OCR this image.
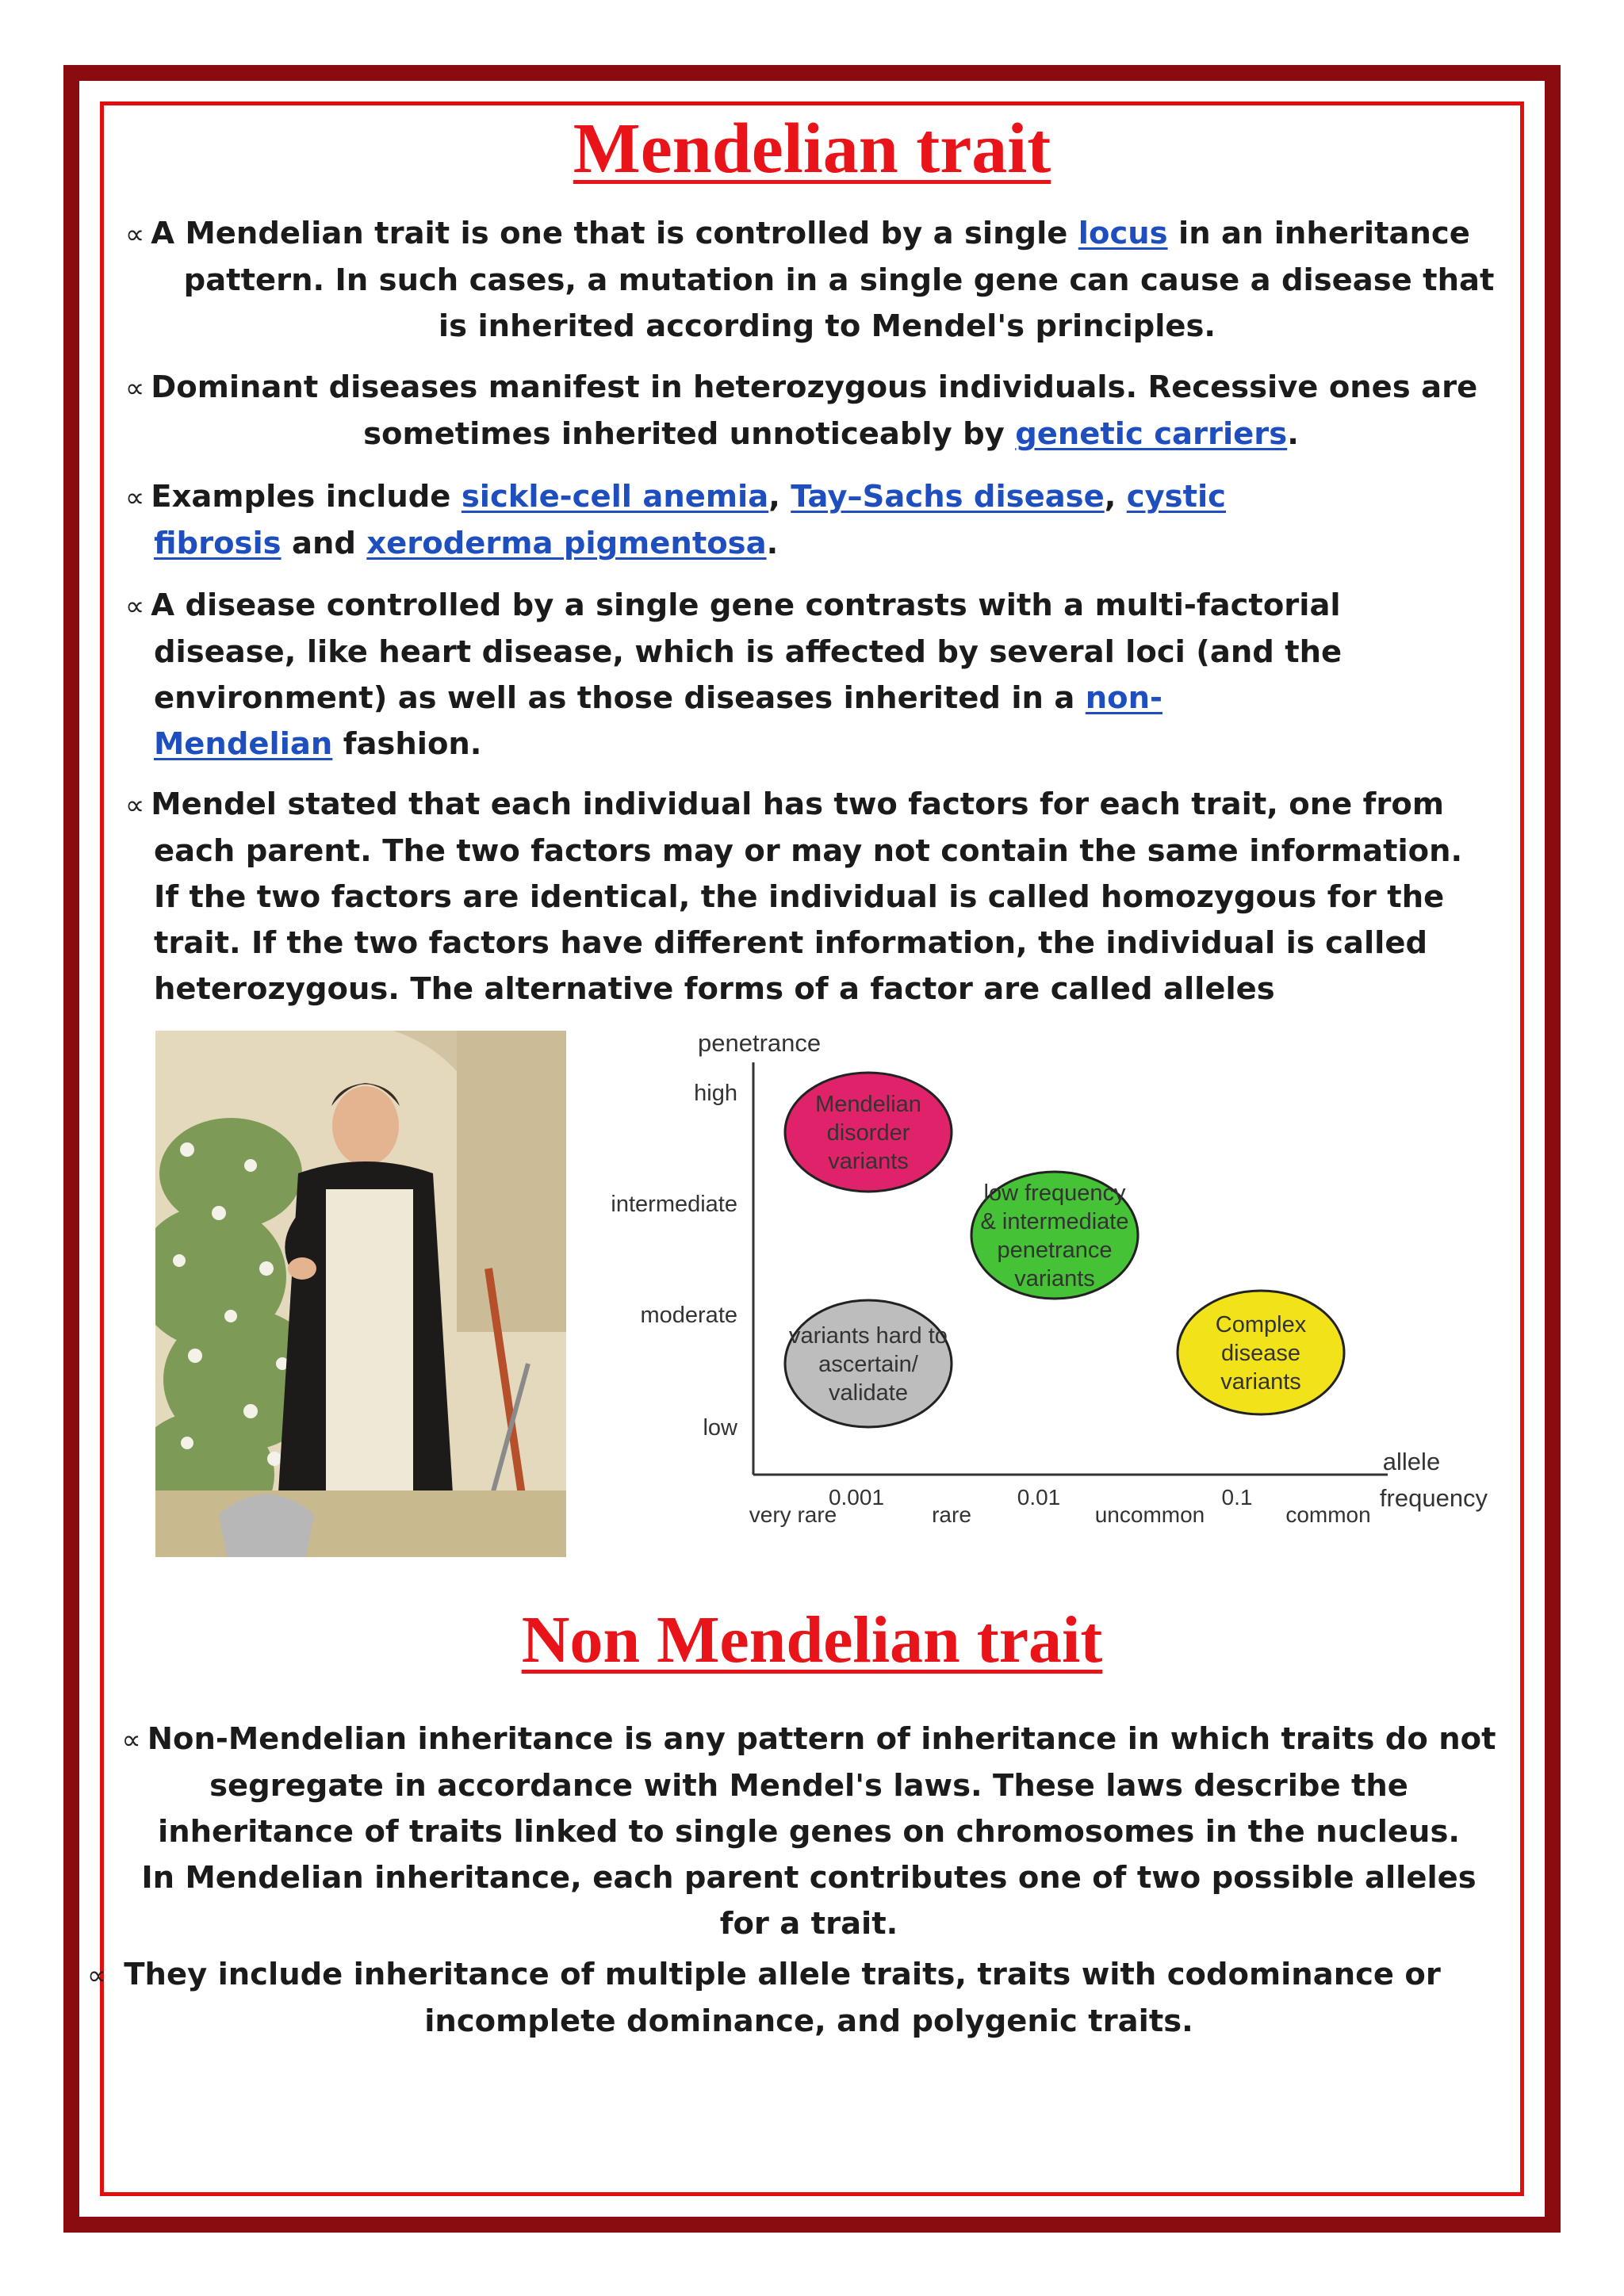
Mendelian trait
∝ A Mendelian trait is one that is controlled by a single locus in an inheritance
pattern. In such cases, a mutation in a single gene can cause a disease that
is inherited according to Mendel's principles.
∝ Dominant diseases manifest in heterozygous individuals. Recessive ones are
sometimes inherited unnoticeably by genetic carriers.
∝ Examples include sickle-cell anemia, Tay–Sachs disease, cystic
fibrosis and xeroderma pigmentosa.
∝ A disease controlled by a single gene contrasts with a multi-factorial
disease, like heart disease, which is affected by several loci (and the
environment) as well as those diseases inherited in a non-
Mendelian fashion.
∝ Mendel stated that each individual has two factors for each trait, one from
each parent. The two factors may or may not contain the same information.
If the two factors are identical, the individual is called homozygous for the
trait. If the two factors have different information, the individual is called
heterozygous. The alternative forms of a factor are called alleles
penetrance
high
intermediate
moderate
low
very rare	rare	uncommon	common
0.001	0.01	0.1
Mendelian
disorder
variants
low frequency
& intermediate
penetrance
variants
variants hard to
ascertain/
validate
Complex
disease
variants
allele
frequency
Non Mendelian trait
∝ Non-Mendelian inheritance is any pattern of inheritance in which traits do not
segregate in accordance with Mendel's laws. These laws describe the
inheritance of traits linked to single genes on chromosomes in the nucleus.
In Mendelian inheritance, each parent contributes one of two possible alleles
for a trait.
∝ They include inheritance of multiple allele traits, traits with codominance or
incomplete dominance, and polygenic traits.
